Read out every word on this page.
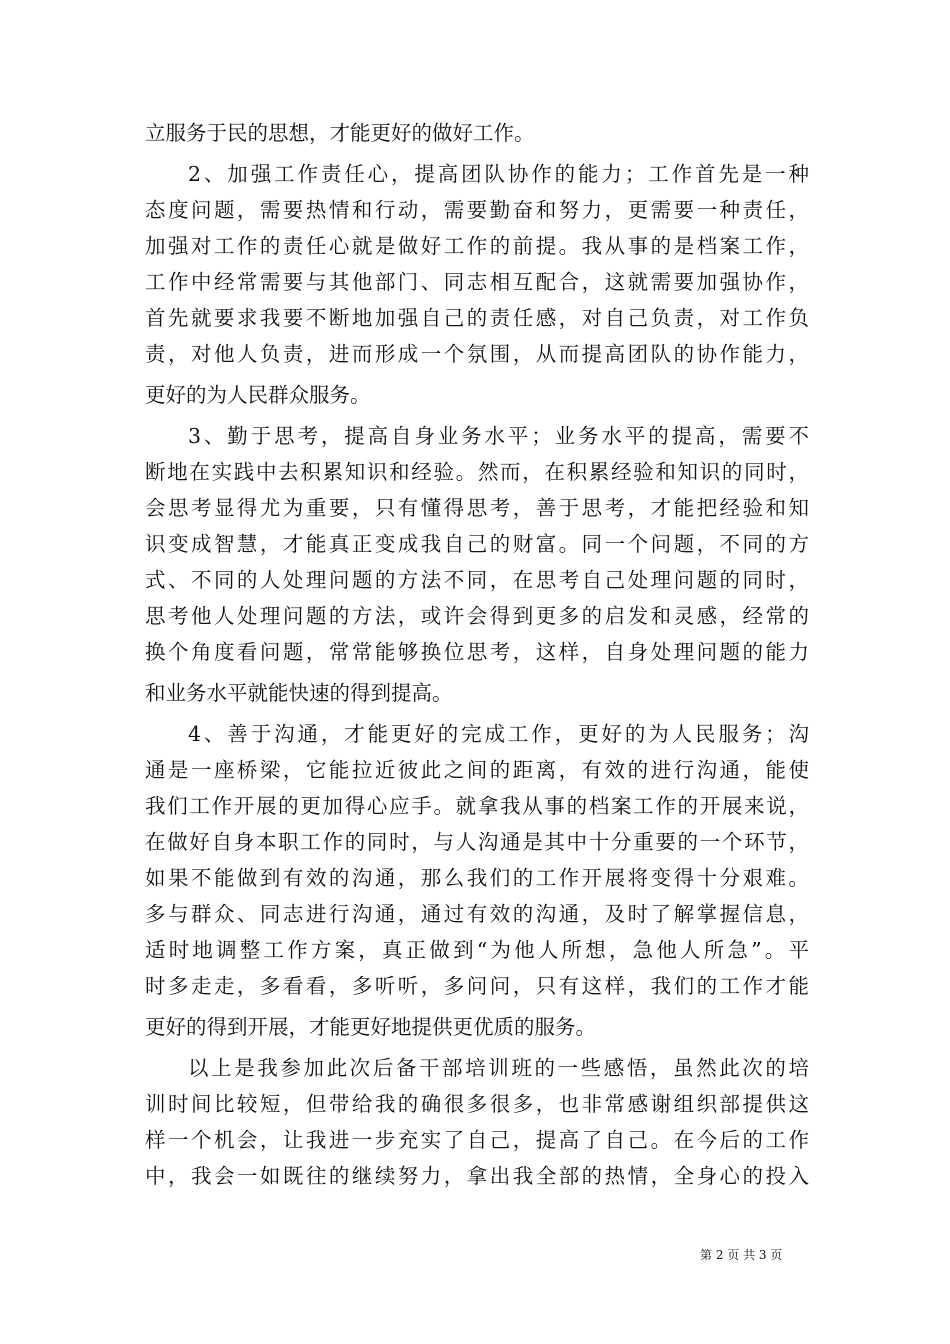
立服务于民的思想，才能更好的做好工作。
2、加强工作责任心，提高团队协作的能力；工作首先是一种
态度问题，需要热情和行动，需要勤奋和努力，更需要一种责任，
加强对工作的责任心就是做好工作的前提。我从事的是档案工作，
工作中经常需要与其他部门、同志相互配合，这就需要加强协作，
首先就要求我要不断地加强自己的责任感，对自己负责，对工作负
责，对他人负责，进而形成一个氛围，从而提高团队的协作能力，
更好的为人民群众服务。
3、勤于思考，提高自身业务水平；业务水平的提高，需要不
断地在实践中去积累知识和经验。然而，在积累经验和知识的同时，
会思考显得尤为重要，只有懂得思考，善于思考，才能把经验和知
识变成智慧，才能真正变成我自己的财富。同一个问题，不同的方
式、不同的人处理问题的方法不同，在思考自己处理问题的同时，
思考他人处理问题的方法，或许会得到更多的启发和灵感，经常的
换个角度看问题，常常能够换位思考，这样，自身处理问题的能力
和业务水平就能快速的得到提高。
4、善于沟通，才能更好的完成工作，更好的为人民服务；沟
通是一座桥梁，它能拉近彼此之间的距离，有效的进行沟通，能使
我们工作开展的更加得心应手。就拿我从事的档案工作的开展来说，
在做好自身本职工作的同时，与人沟通是其中十分重要的一个环节，
如果不能做到有效的沟通，那么我们的工作开展将变得十分艰难。
多与群众、同志进行沟通，通过有效的沟通，及时了解掌握信息，
适时地调整工作方案，真正做到“为他人所想，急他人所急”。平
时多走走，多看看，多听听，多问问，只有这样，我们的工作才能
更好的得到开展，才能更好地提供更优质的服务。
以上是我参加此次后备干部培训班的一些感悟，虽然此次的培
训时间比较短，但带给我的确很多很多，也非常感谢组织部提供这
样一个机会，让我进一步充实了自己，提高了自己。在今后的工作
中，我会一如既往的继续努力，拿出我全部的热情，全身心的投入
第 2 页 共 3 页
